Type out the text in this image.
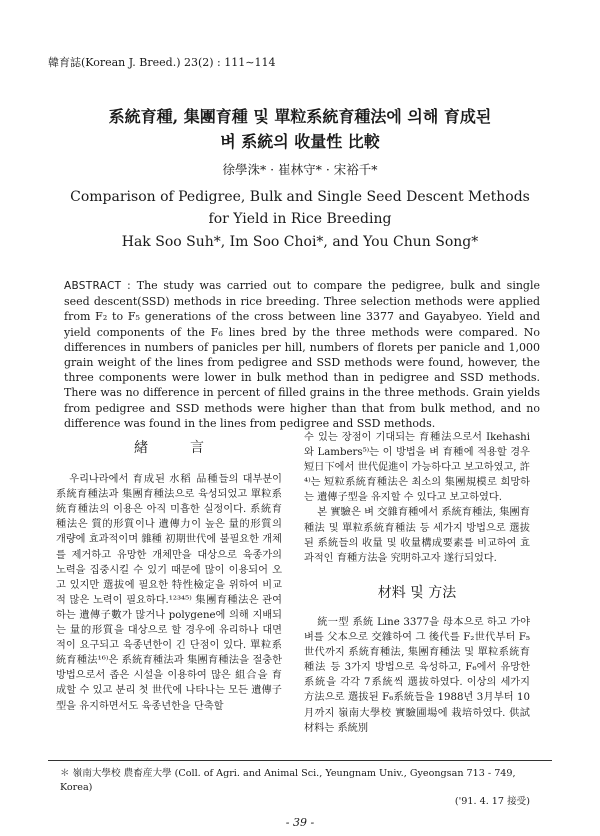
韓育誌(Korean J. Breed.) 23(2) : 111∼114
系統育種, 集團育種 및 單粒系統育種法에 의해 育成된
벼 系統의 收量性 比較
徐學洙* · 崔林守* · 宋裕千*
Comparison of Pedigree, Bulk and Single Seed Descent Methods for Yield in Rice Breeding
Hak Soo Suh*, Im Soo Choi*, and You Chun Song*
ABSTRACT : The study was carried out to compare the pedigree, bulk and single seed descent(SSD) methods in rice breeding. Three selection methods were applied from F₂ to F₅ generations of the cross between line 3377 and Gayabyeo. Yield and yield components of the F₆ lines bred by the three methods were compared. No differences in numbers of panicles per hill, numbers of florets per panicle and 1,000 grain weight of the lines from pedigree and SSD methods were found, however, the three components were lower in bulk method than in pedigree and SSD methods. There was no difference in percent of filled grains in the three methods. Grain yields from pedigree and SSD methods were higher than that from bulk method, and no difference was found in the lines from pedigree and SSD methods.

緖　　　言

우리나라에서 育成된 水稻 品種들의 대부분이 系統育種法과 集團育種法으로 육성되었고 單粒系統育種法의 이용은 아직 미흡한 실정이다. 系統育種法은 質的形質이나 遺傳力이 높은 量的形質의 개량에 효과적이며 雜種 初期世代에 불필요한 개체를 제거하고 유망한 개체만을 대상으로 육종가의 노력을 집중시킬 수 있기 때문에 많이 이용되어 오고 있지만 選拔에 필요한 特性檢定을 위하여 비교적 많은 노력이 필요하다.¹²³⁴⁵⁾ 集團育種法은 관여하는 遺傳子數가 많거나 polygene에 의해 지배되는 量的形質을 대상으로 할 경우에 유리하나 대면적이 요구되고 육종년한이 긴 단점이 있다. 單粒系統育種法¹⁶⁾은 系統育種法과 集團育種法을 절충한 방법으로서 좁은 시설을 이용하여 많은 組合을 育成할 수 있고 분리 첫 世代에 나타나는 모든 遺傳子型을 유지하면서도 육종년한을 단축할

수 있는 장점이 기대되는 育種法으로서 Ikehashi와 Lambers⁵⁾는 이 방법을 벼 育種에 적용할 경우 短日下에서 世代促進이 가능하다고 보고하였고, 許⁴⁾는 短粒系統育種法은 최소의 集團規模로 희망하는 遺傳子型을 유지할 수 있다고 보고하였다.

본 實驗은 벼 交雜育種에서 系統育種法, 集團育種法 및 單粒系統育種法 등 세가지 방법으로 選拔된 系統들의 收量 및 收量構成要素를 비교하여 효과적인 育種方法을 究明하고자 遂行되었다.

材料 및 方法

統一型 系統 Line 3377을 母本으로 하고 가야벼를 父本으로 交雜하여 그 後代를 F₂世代부터 F₅世代까지 系統育種法, 集團育種法 및 單粒系統育種法 등 3가지 방법으로 육성하고, F₆에서 유망한 系統을 각각 7系統씩 選拔하였다. 이상의 세가지 方法으로 選拔된 F₆系統들을 1988년 3月부터 10月까지 嶺南大學校 實驗圃場에 栽培하였다. 供試材料는 系統別

＊ 嶺南大學校 農畜産大學 (Coll. of Agri. and Animal Sci., Yeungnam Univ., Gyeongsan 713 - 749, Korea)
('91. 4. 17 接受)
- 39 -
